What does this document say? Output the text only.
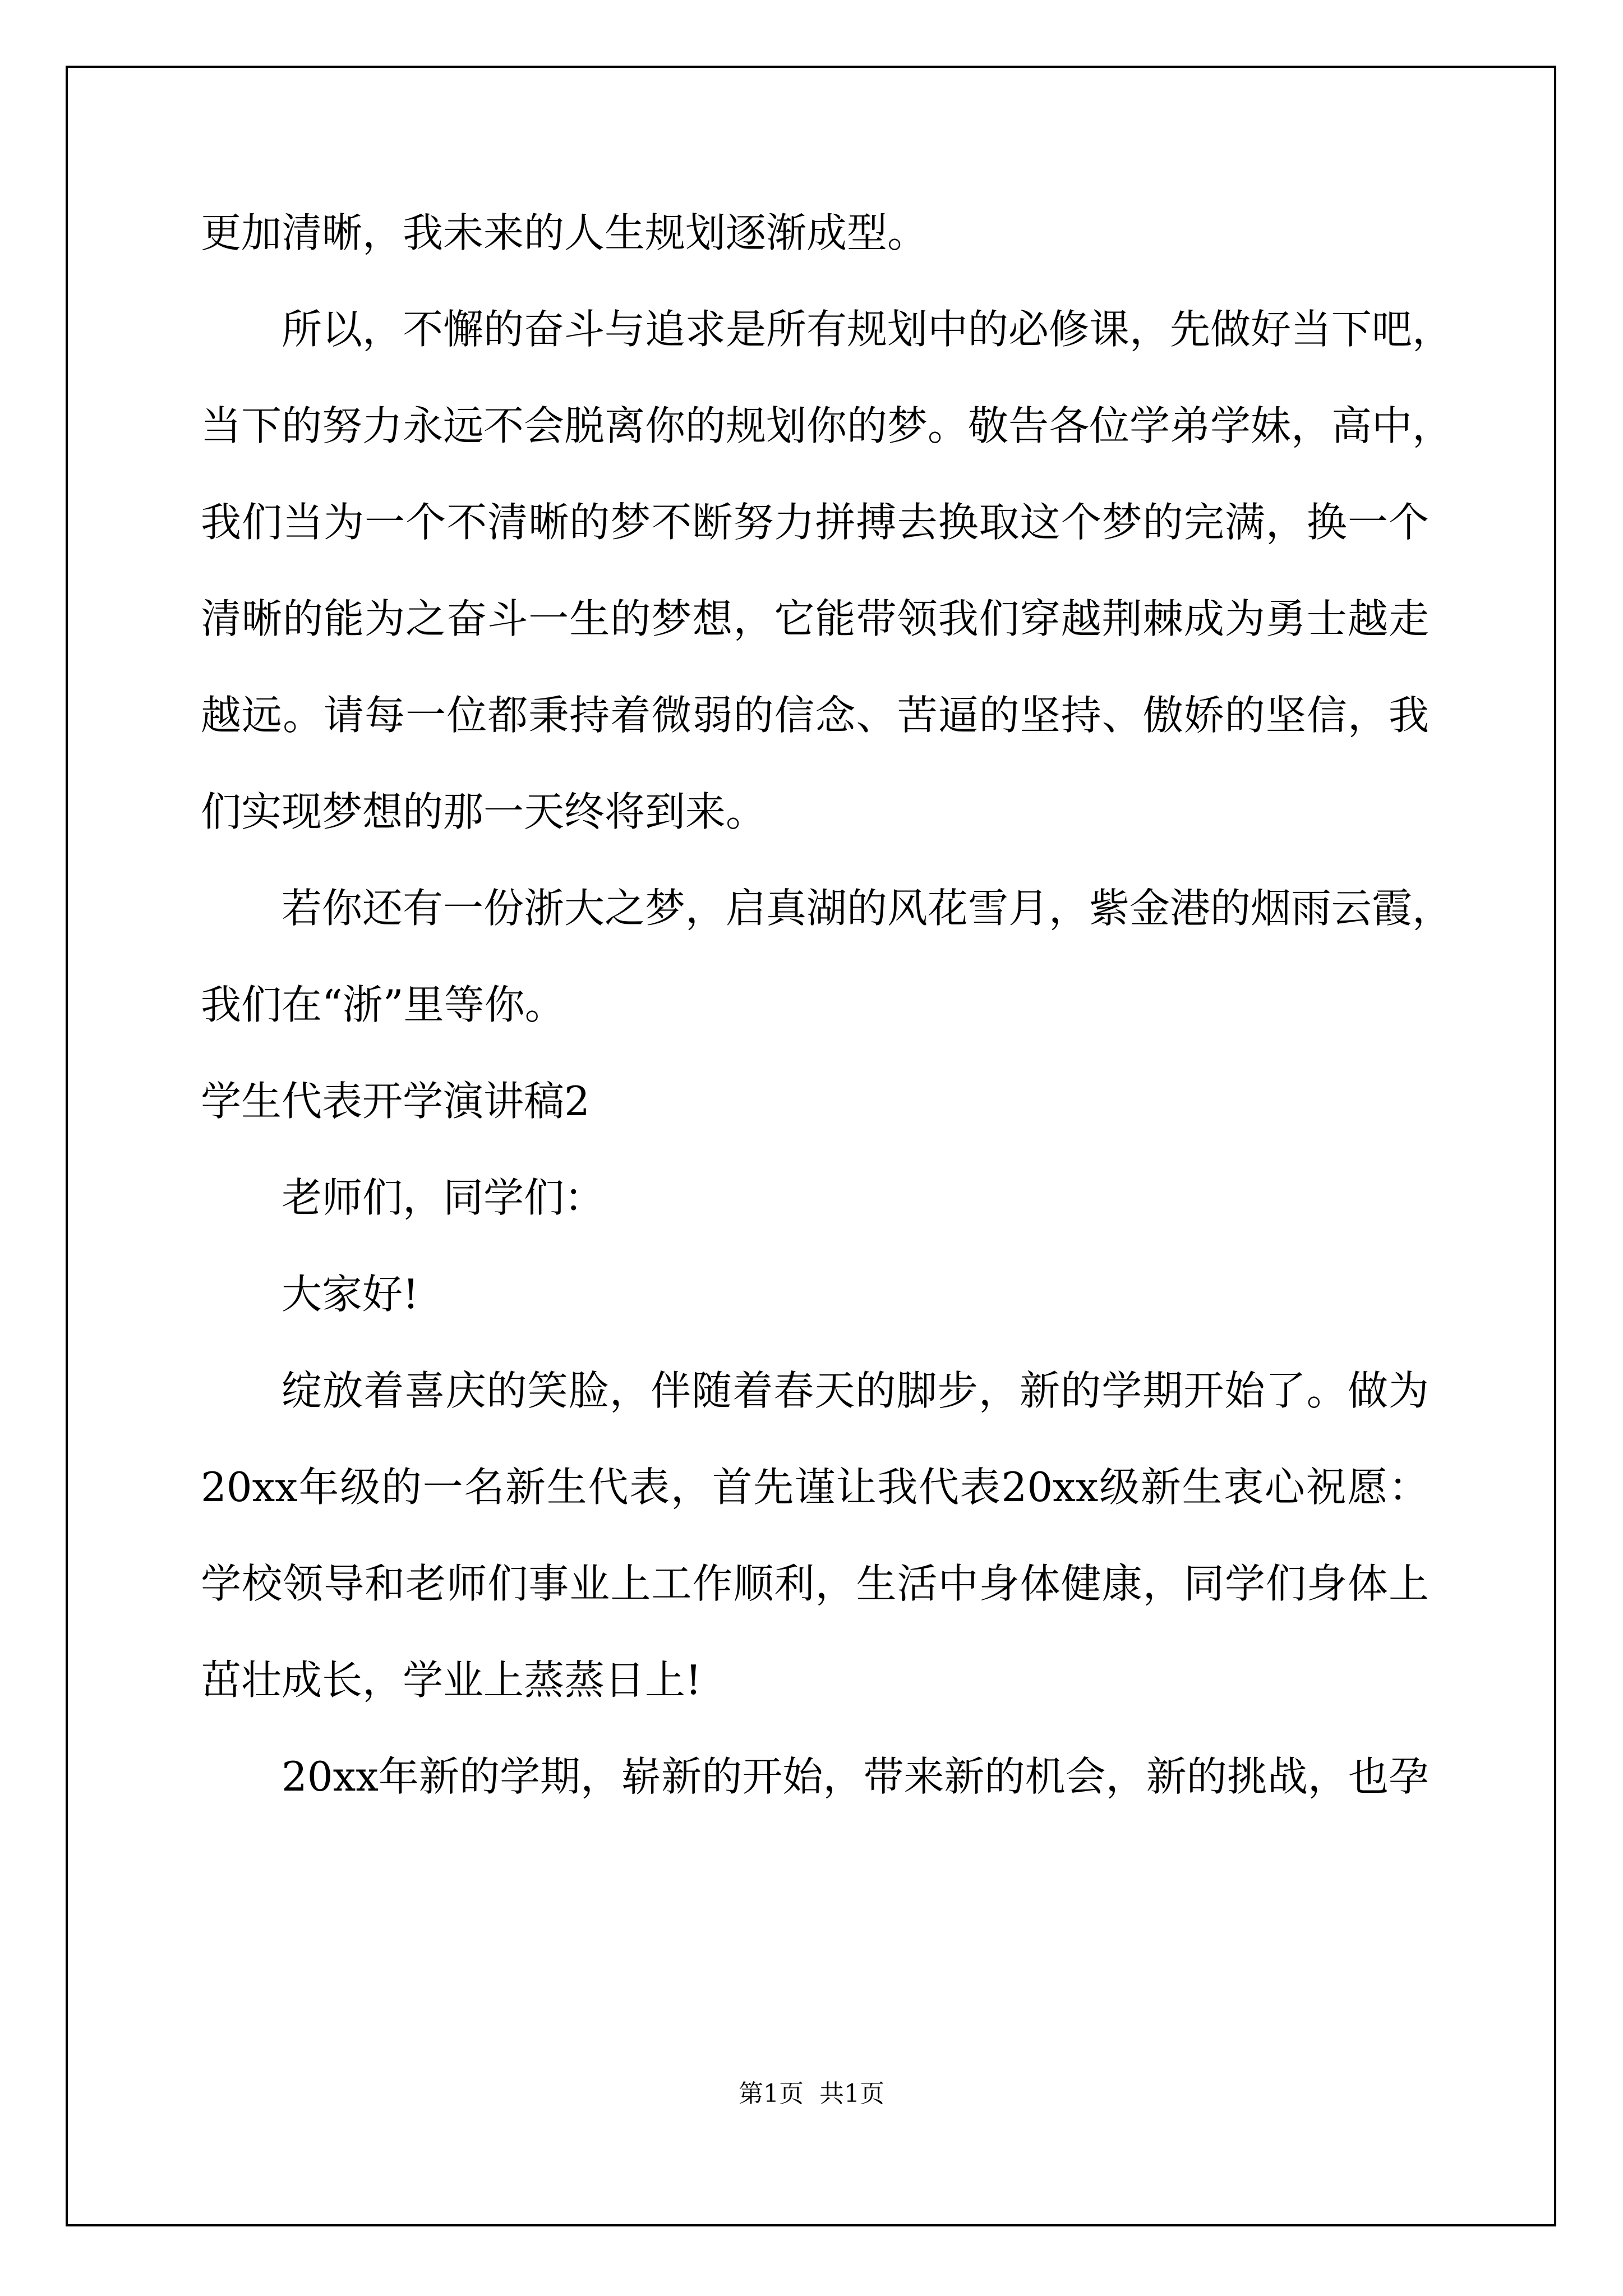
更加清晰，我未来的人生规划逐渐成型。

所以，不懈的奋斗与追求是所有规划中的必修课，先做好当下吧，

当下的努力永远不会脱离你的规划你的梦。敬告各位学弟学妹，高中，

我们当为一个不清晰的梦不断努力拼搏去换取这个梦的完满，换一个

清晰的能为之奋斗一生的梦想，它能带领我们穿越荆棘成为勇士越走

越远。请每一位都秉持着微弱的信念、苦逼的坚持、傲娇的坚信，我

们实现梦想的那一天终将到来。

若你还有一份浙大之梦，启真湖的风花雪月，紫金港的烟雨云霞，

我们在“浙”里等你。

学生代表开学演讲稿2

老师们，同学们：

大家好!

绽放着喜庆的笑脸，伴随着春天的脚步，新的学期开始了。做为

20xx年级的一名新生代表，首先谨让我代表20xx级新生衷心祝愿：

学校领导和老师们事业上工作顺利，生活中身体健康，同学们身体上

茁壮成长，学业上蒸蒸日上!

20xx年新的学期，崭新的开始，带来新的机会，新的挑战，也孕

第1页  共1页
